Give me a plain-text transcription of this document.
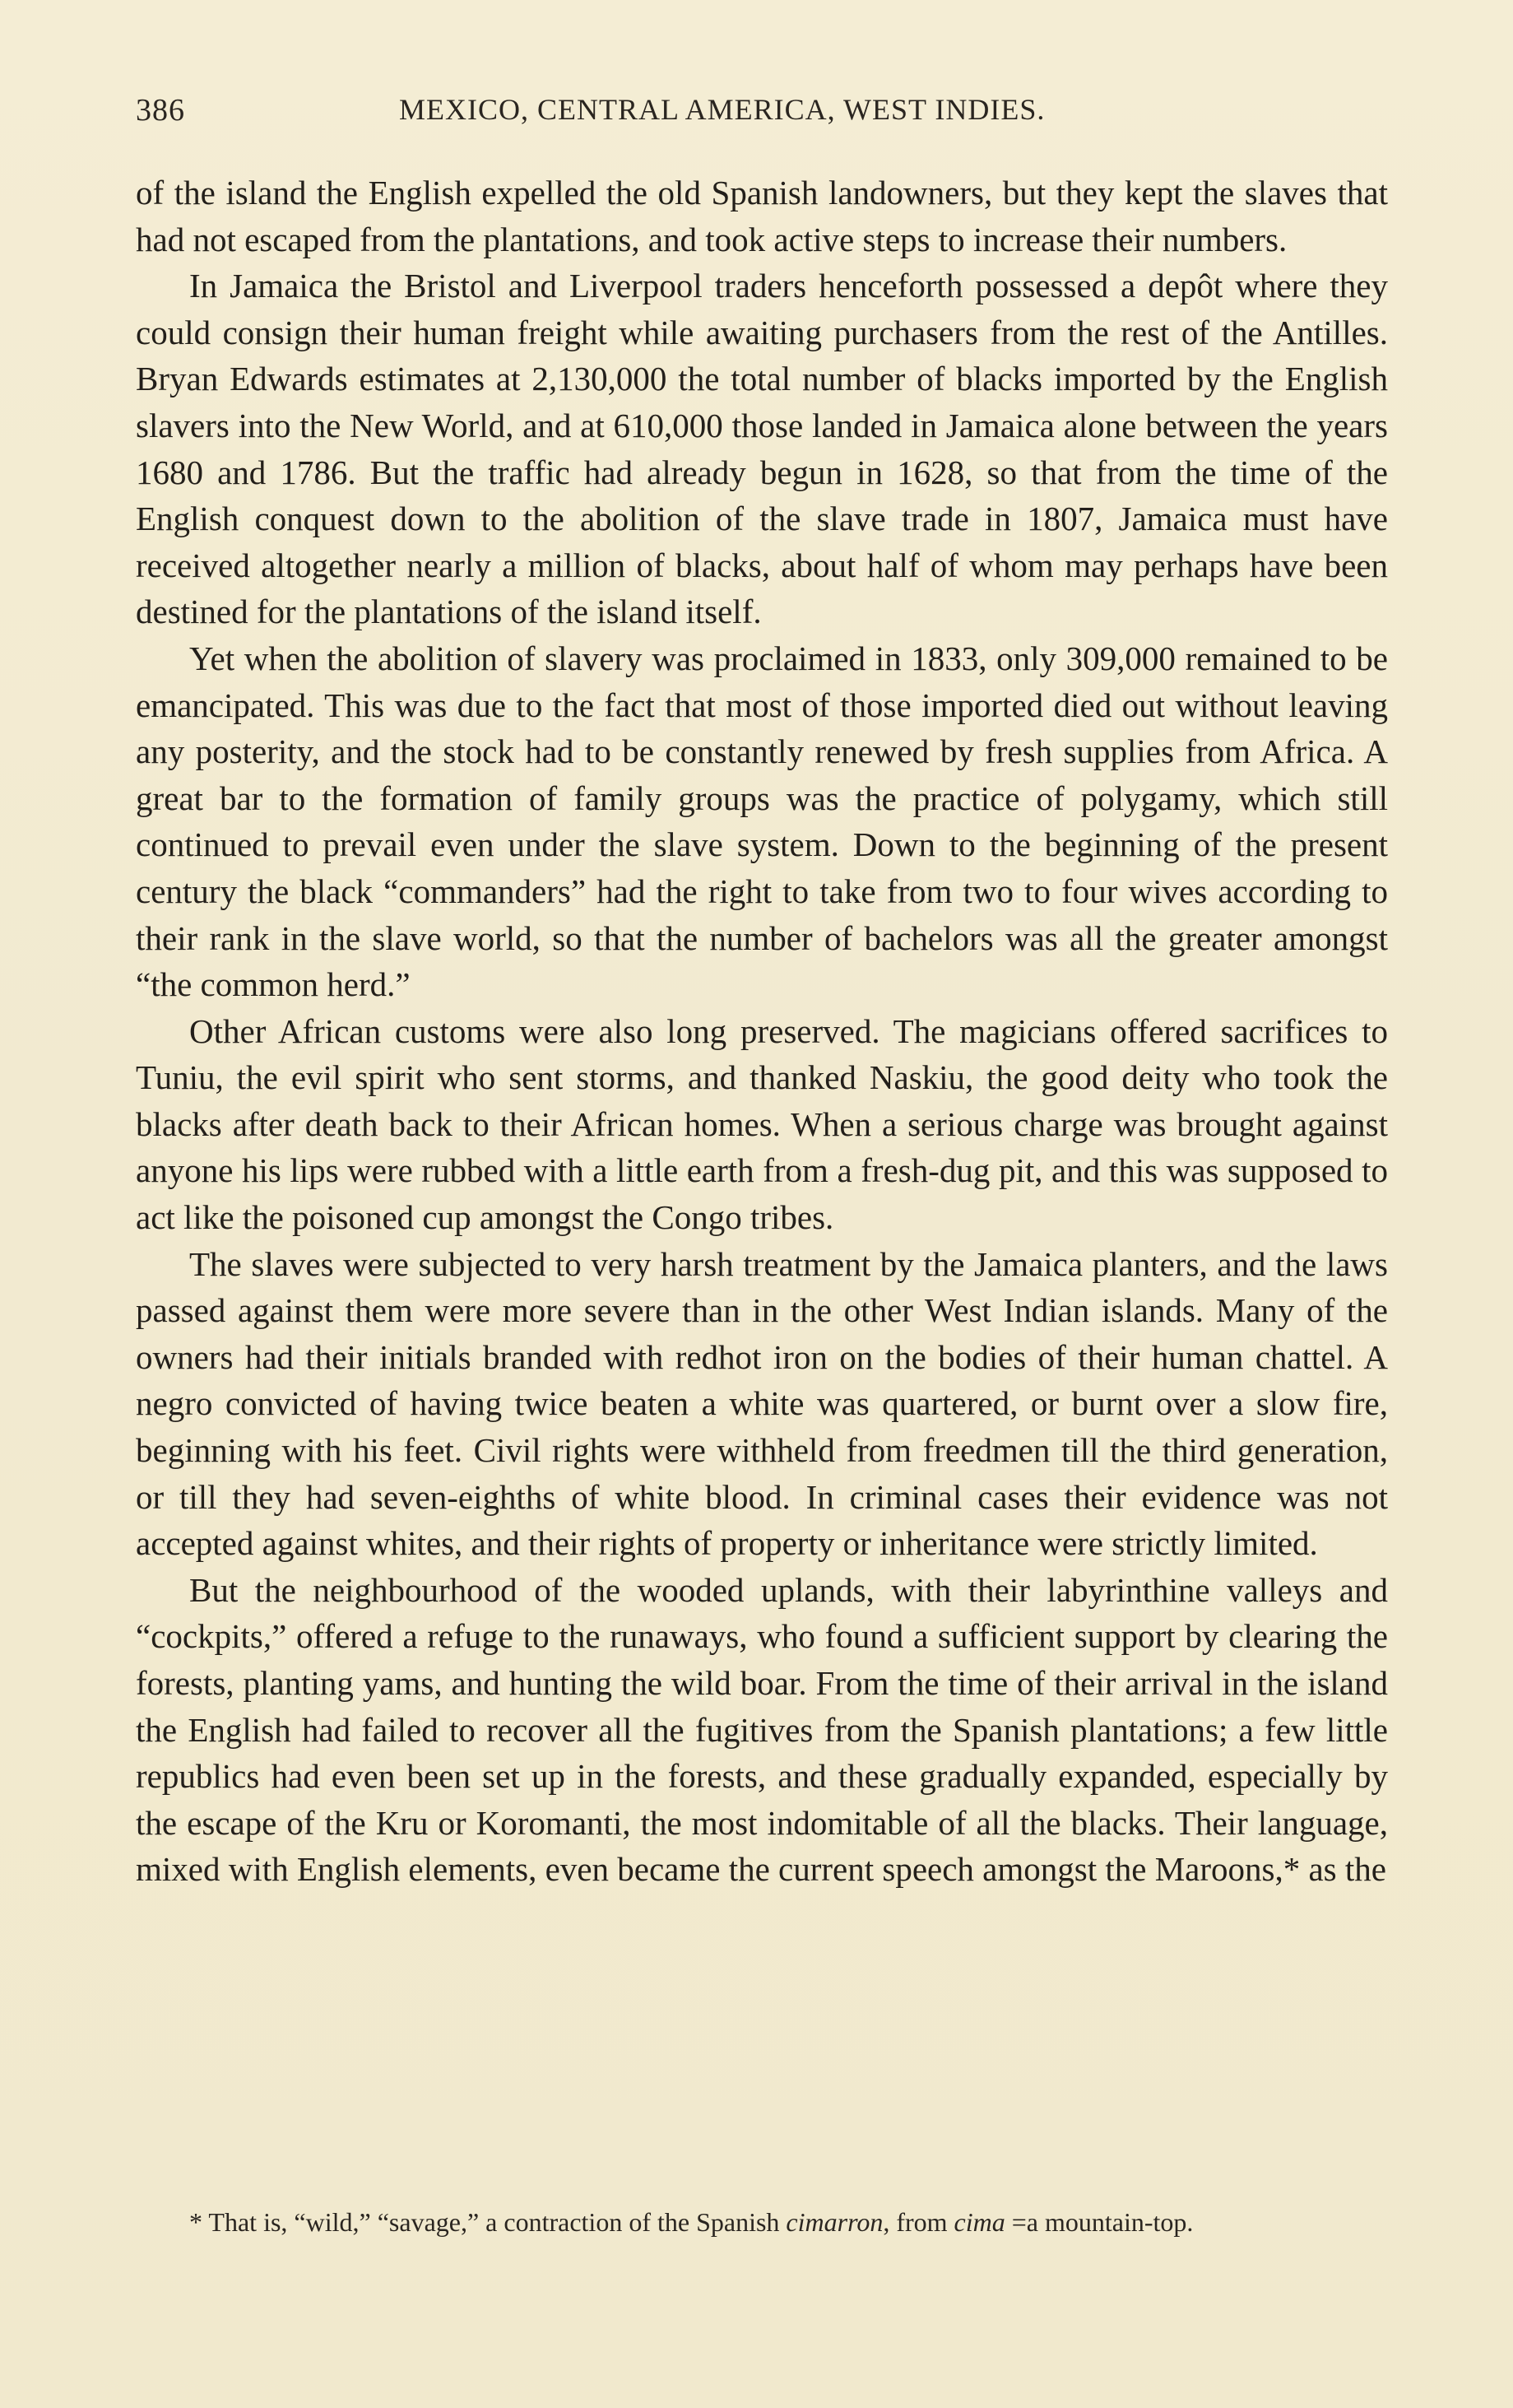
386	MEXICO, CENTRAL AMERICA, WEST INDIES.

of the island the English expelled the old Spanish landowners, but they kept the slaves that had not escaped from the plantations, and took active steps to increase their numbers.

In Jamaica the Bristol and Liverpool traders henceforth possessed a depôt where they could consign their human freight while awaiting purchasers from the rest of the Antilles. Bryan Edwards estimates at 2,130,000 the total number of blacks imported by the English slavers into the New World, and at 610,000 those landed in Jamaica alone between the years 1680 and 1786. But the traffic had already begun in 1628, so that from the time of the English conquest down to the abolition of the slave trade in 1807, Jamaica must have received altogether nearly a million of blacks, about half of whom may perhaps have been destined for the plantations of the island itself.

Yet when the abolition of slavery was proclaimed in 1833, only 309,000 remained to be emancipated. This was due to the fact that most of those imported died out without leaving any posterity, and the stock had to be constantly renewed by fresh supplies from Africa. A great bar to the formation of family groups was the practice of polygamy, which still continued to prevail even under the slave system. Down to the beginning of the present century the black “commanders” had the right to take from two to four wives according to their rank in the slave world, so that the number of bachelors was all the greater amongst “the common herd.”

Other African customs were also long preserved. The magicians offered sacrifices to Tuniu, the evil spirit who sent storms, and thanked Naskiu, the good deity who took the blacks after death back to their African homes. When a serious charge was brought against anyone his lips were rubbed with a little earth from a fresh-dug pit, and this was supposed to act like the poisoned cup amongst the Congo tribes.

The slaves were subjected to very harsh treatment by the Jamaica planters, and the laws passed against them were more severe than in the other West Indian islands. Many of the owners had their initials branded with redhot iron on the bodies of their human chattel. A negro convicted of having twice beaten a white was quartered, or burnt over a slow fire, beginning with his feet. Civil rights were withheld from freedmen till the third generation, or till they had seven-eighths of white blood. In criminal cases their evidence was not accepted against whites, and their rights of property or inheritance were strictly limited.

But the neighbourhood of the wooded uplands, with their labyrinthine valleys and “cockpits,” offered a refuge to the runaways, who found a sufficient support by clearing the forests, planting yams, and hunting the wild boar. From the time of their arrival in the island the English had failed to recover all the fugitives from the Spanish plantations; a few little republics had even been set up in the forests, and these gradually expanded, especially by the escape of the Kru or Koromanti, the most indomitable of all the blacks. Their language, mixed with English elements, even became the current speech amongst the Maroons,* as the

* That is, “wild,” “savage,” a contraction of the Spanish cimarron, from cima =a mountain-top.
